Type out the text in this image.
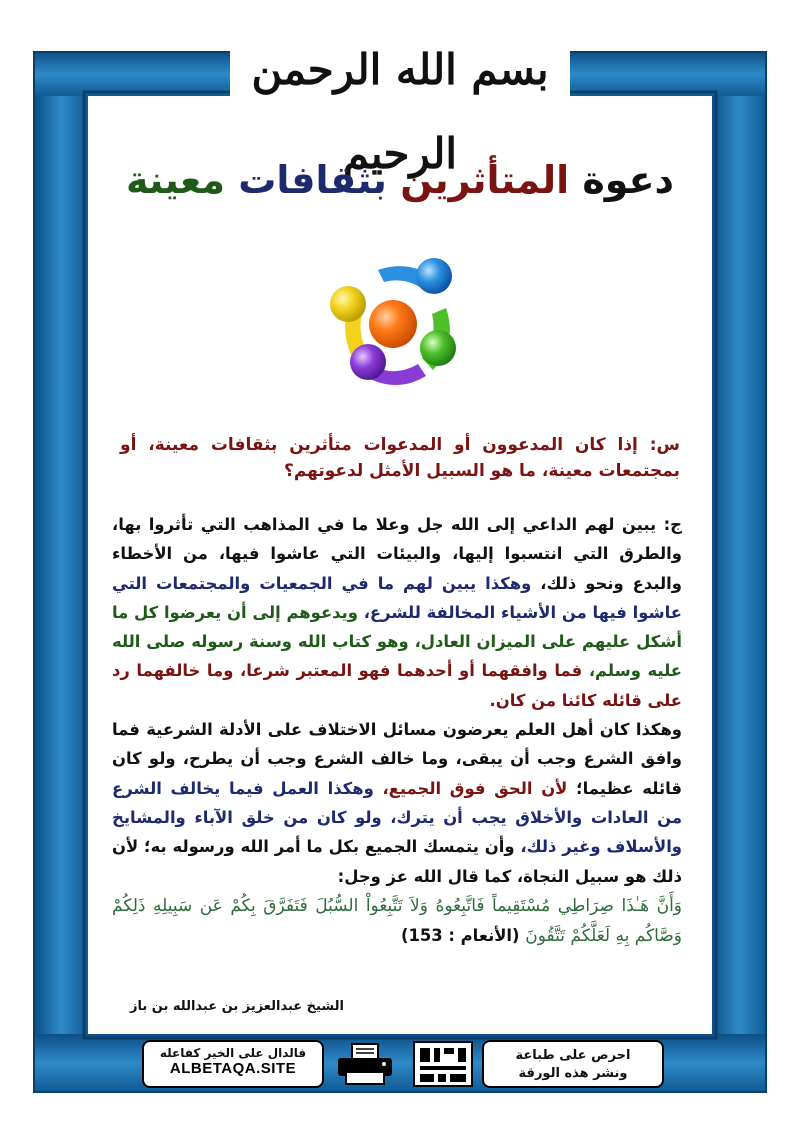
بسم الله الرحمن الرحيم
دعوة المتأثرين بثقافات معينة
س: إذا كان المدعوون أو المدعوات متأثرين بثقافات معينة، أو بمجتمعات معينة، ما هو السبيل الأمثل لدعوتهم؟
ج: يبين لهم الداعي إلى الله جل وعلا ما في المذاهب التي تأثروا بها، والطرق التي انتسبوا إليها، والبيئات التي عاشوا فيها، من الأخطاء والبدع ونحو ذلك، وهكذا يبين لهم ما في الجمعيات والمجتمعات التي عاشوا فيها من الأشياء المخالفة للشرع، ويدعوهم إلى أن يعرضوا كل ما أشكل عليهم على الميزان العادل، وهو كتاب الله وسنة رسوله صلى الله عليه وسلم، فما وافقهما أو أحدهما فهو المعتبر شرعا، وما خالفهما رد على قائله كائنا من كان.
وهكذا كان أهل العلم يعرضون مسائل الاختلاف على الأدلة الشرعية فما وافق الشرع وجب أن يبقى، وما خالف الشرع وجب أن يطرح، ولو كان قائله عظيما؛ لأن الحق فوق الجميع، وهكذا العمل فيما يخالف الشرع من العادات والأخلاق يجب أن يترك، ولو كان من خلق الآباء والمشايخ والأسلاف وغير ذلك، وأن يتمسك الجميع بكل ما أمر الله ورسوله به؛ لأن ذلك هو سبيل النجاة، كما قال الله عز وجل:
وَأَنَّ هَـٰذَا صِرَاطِي مُسْتَقِيماً فَاتَّبِعُوهُ وَلاَ تَتَّبِعُواْ السُّبُلَ فَتَفَرَّقَ بِكُمْ عَن سَبِيلِهِ ذَلِكُمْ وَصَّاكُم بِهِ لَعَلَّكُمْ تَتَّقُونَ (الأنعام : 153)
الشيخ عبدالعزيز بن عبدالله بن باز
فالدال على الخير كفاعله
ALBETAQA.SITE
احرص على طباعة
ونشر هذه الورقة
